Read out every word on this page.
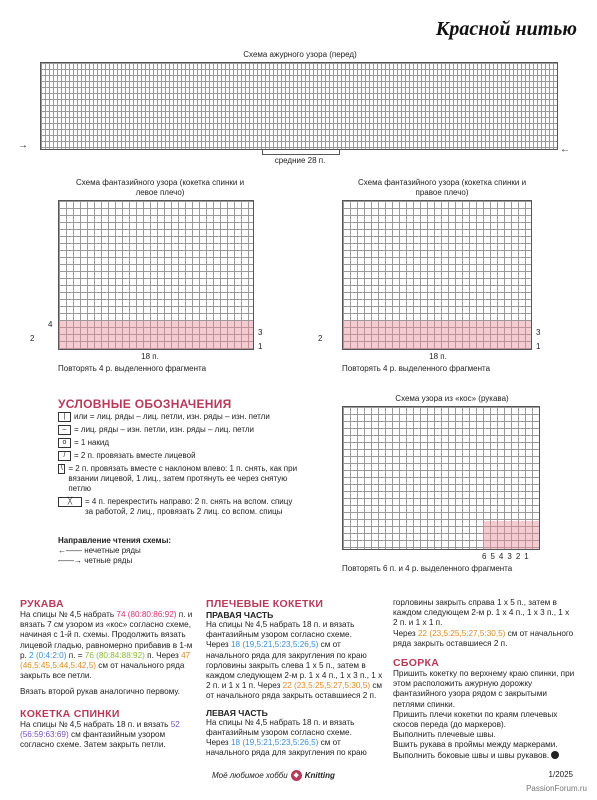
Красной нитью
Схема ажурного узора (перед)
→	←
средние 28 п.
Схема фантазийного узора (кокетка спинки и левое плечо)
4
2
3
1
18 п.
Повторять 4 р. выделенного фрагмента
Схема фантазийного узора (кокетка спинки и правое плечо)
2
3
1
18 п.
Повторять 4 р. выделенного фрагмента
УСЛОВНЫЕ ОБОЗНАЧЕНИЯ
|	или = лиц. ряды – лиц. петли, изн. ряды – изн. петли
– = лиц. ряды – изн. петли, изн. ряды – лиц. петли
o = 1 накид
/	= 2 п. провязать вместе лицевой
\ = 2 п. провязать вместе с наклоном влево: 1 п. снять, как при вязании лицевой, 1 лиц., затем протянуть ее через снятую петлю
╳	= 4 п. перекрестить направо: 2 п. снять на вспом. спицу за работой, 2 лиц., провязать 2 лиц. со вспом. спицы
Направление чтения схемы:
←—— нечетные ряды
——→ четные ряды
Схема узора из «кос» (рукава)
6 5 4 3 2 1
Повторять 6 п. и 4 р. выделенного фрагмента
РУКАВА
На спицы № 4,5 набрать 74 (80:80:86:92) п. и вязать 7 см узором из «кос» согласно схеме, начиная с 1-й п. схемы. Продолжить вязать лицевой гладью, равномерно прибавив в 1-м р. 2 (0:4:2:0) п. = 76 (80:84:88:92) п. Через 47 (46,5:45,5:44,5:42,5) см от начального ряда закрыть все петли.
Вязать второй рукав аналогично первому.
КОКЕТКА СПИНКИ
На спицы № 4,5 набрать 18 п. и вязать 52 (56:59:63:69) см фантазийным узором согласно схеме. Затем закрыть петли.
ПЛЕЧЕВЫЕ КОКЕТКИ
ПРАВАЯ ЧАСТЬ
На спицы № 4,5 набрать 18 п. и вязать фантазийным узором согласно схеме.
Через 18 (19,5:21,5:23,5:26,5) см от начального ряда для закругления по краю горловины закрыть слева 1 х 5 п., затем в каждом следующем 2-м р. 1 х 4 п., 1 х 3 п., 1 х 2 п. и 1 х 1 п. Через 22 (23,5:25,5:27,5:30,5) см от начального ряда закрыть оставшиеся 2 п.
ЛЕВАЯ ЧАСТЬ
На спицы № 4,5 набрать 18 п. и вязать фантазийным узором согласно схеме.
Через 18 (19,5:21,5:23,5:26,5) см от начального ряда для закругления по краю
горловины закрыть справа 1 х 5 п., затем в каждом следующем 2-м р. 1 х 4 п., 1 х 3 п., 1 х 2 п. и 1 х 1 п.
Через 22 (23,5:25,5:27,5:30,5) см от начального ряда закрыть оставшиеся 2 п.
СБОРКА
Пришить кокетку по верхнему краю спинки, при этом расположить ажурную дорожку фантазийного узора рядом с закрытыми петлями спинки.
Пришить плечи кокетки по краям плечевых скосов переда (до маркеров).
Выполнить плечевые швы.
Вшить рукава в проймы между маркерами.
Выполнить боковые швы и швы рукавов.
Моё любимое хобби ◆ Knitting	1/2025
PassionForum.ru
